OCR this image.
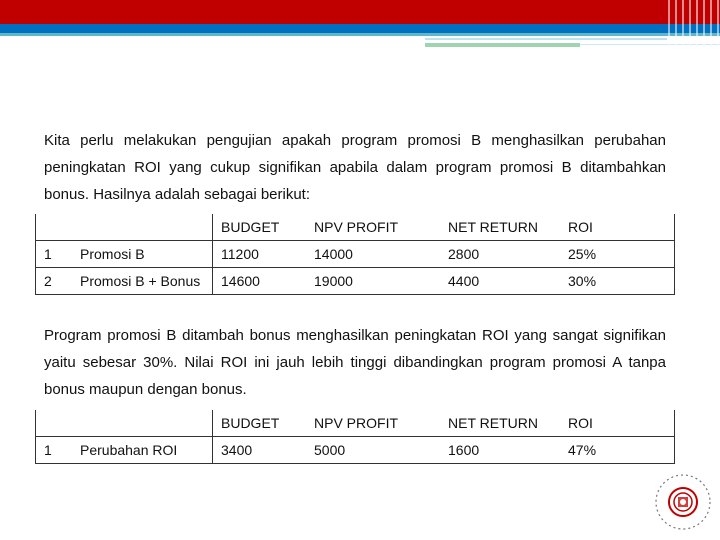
Kita perlu melakukan pengujian apakah program promosi B menghasilkan perubahan peningkatan ROI yang cukup signifikan apabila dalam program promosi B ditambahkan bonus. Hasilnya adalah sebagai berikut:

		BUDGET	NPV PROFIT	NET RETURN	ROI
1	Promosi B	11200	14000	2800	25%
2	Promosi B + Bonus	14600	19000	4400	30%

Program promosi B ditambah bonus menghasilkan peningkatan ROI yang sangat signifikan yaitu sebesar 30%. Nilai ROI ini jauh lebih tinggi dibandingkan program promosi A tanpa bonus maupun dengan bonus.

		BUDGET	NPV PROFIT	NET RETURN	ROI
1	Perubahan ROI	3400	5000	1600	47%
